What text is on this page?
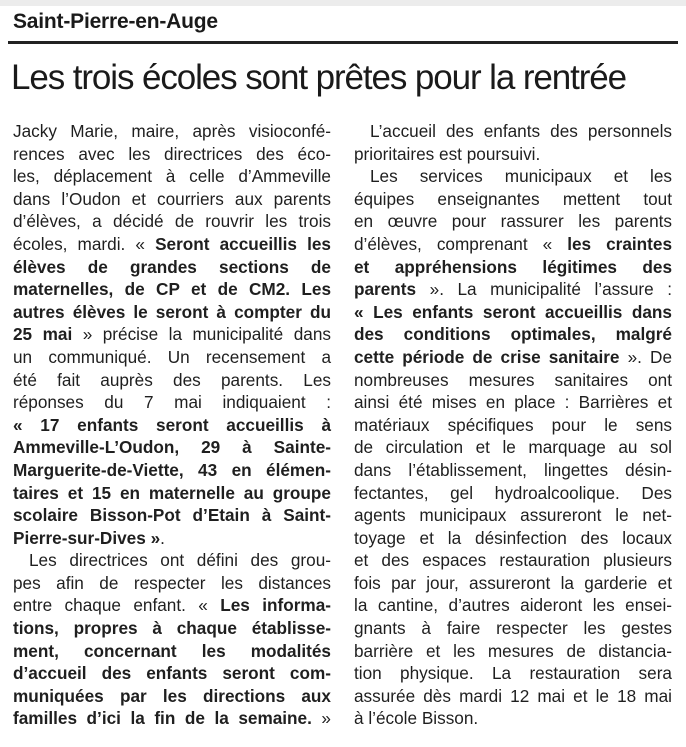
Saint-Pierre-en-Auge
Les trois écoles sont prêtes pour la rentrée
Jacky Marie, maire, après visioconfé-
rences avec les directrices des éco-
les, déplacement à celle d’Ammeville
dans l’Oudon et courriers aux parents
d’élèves, a décidé de rouvrir les trois
écoles, mardi. « Seront accueillis les
élèves de grandes sections de
maternelles, de CP et de CM2. Les
autres élèves le seront à compter du
25 mai » précise la municipalité dans
un communiqué. Un recensement a
été fait auprès des parents. Les
réponses du 7 mai indiquaient :
« 17 enfants seront accueillis à
Ammeville-L’Oudon, 29 à Sainte-
Marguerite-de-Viette, 43 en élémen-
taires et 15 en maternelle au groupe
scolaire Bisson-Pot d’Etain à Saint-
Pierre-sur-Dives ».
Les directrices ont défini des grou-
pes afin de respecter les distances
entre chaque enfant. « Les informa-
tions, propres à chaque établisse-
ment, concernant les modalités
d’accueil des enfants seront com-
muniquées par les directions aux
familles d’ici la fin de la semaine. »
L’accueil des enfants des personnels
prioritaires est poursuivi.
Les services municipaux et les
équipes enseignantes mettent tout
en œuvre pour rassurer les parents
d’élèves, comprenant « les craintes
et appréhensions légitimes des
parents ». La municipalité l’assure :
« Les enfants seront accueillis dans
des conditions optimales, malgré
cette période de crise sanitaire ». De
nombreuses mesures sanitaires ont
ainsi été mises en place : Barrières et
matériaux spécifiques pour le sens
de circulation et le marquage au sol
dans l’établissement, lingettes désin-
fectantes, gel hydroalcoolique. Des
agents municipaux assureront le net-
toyage et la désinfection des locaux
et des espaces restauration plusieurs
fois par jour, assureront la garderie et
la cantine, d’autres aideront les ensei-
gnants à faire respecter les gestes
barrière et les mesures de distancia-
tion physique. La restauration sera
assurée dès mardi 12 mai et le 18 mai
à l’école Bisson.
